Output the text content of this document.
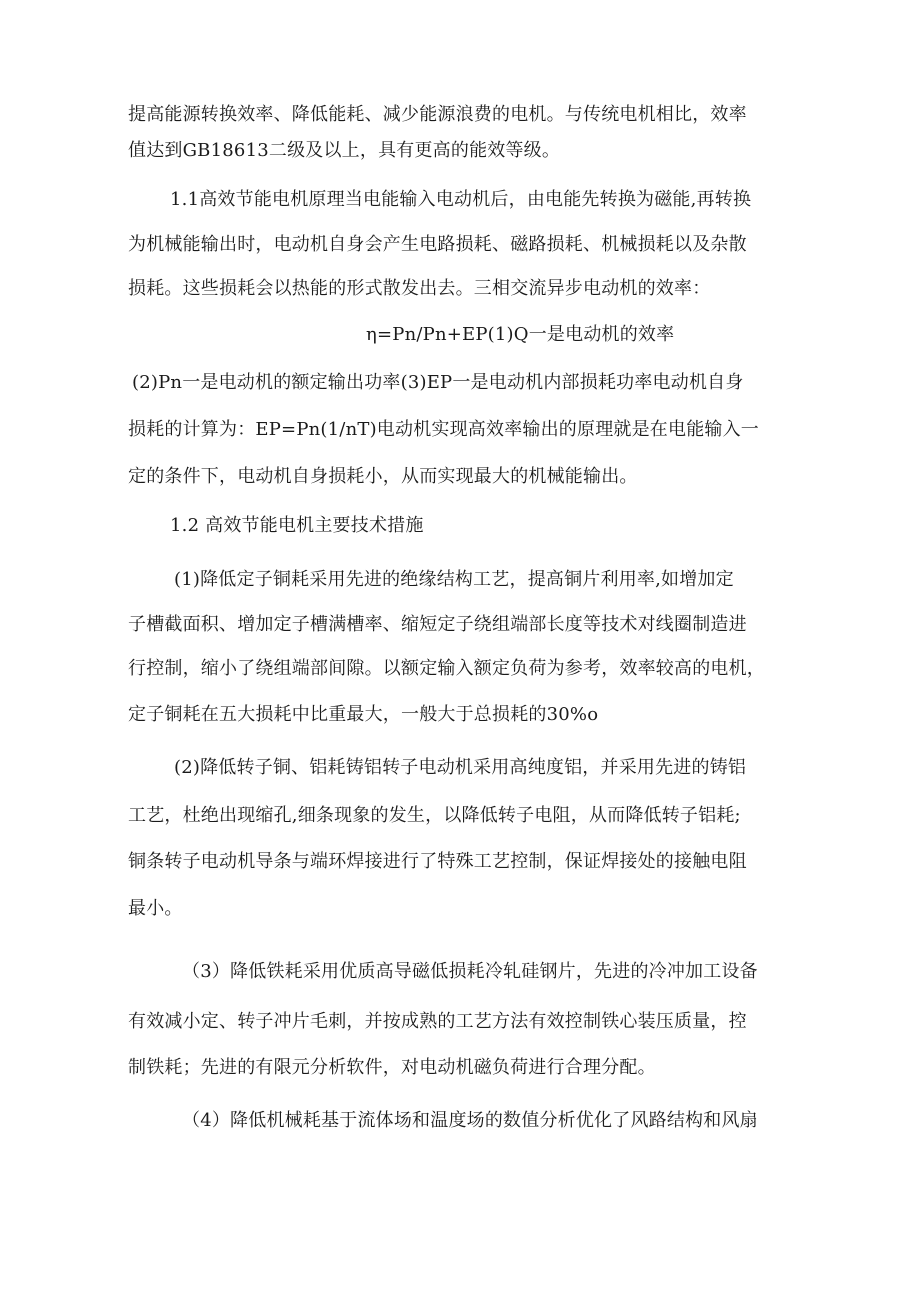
提高能源转换效率、降低能耗、减少能源浪费的电机。与传统电机相比，效率
值达到GB18613二级及以上，具有更高的能效等级。
1.1高效节能电机原理当电能输入电动机后，由电能先转换为磁能,再转换
为机械能输出时，电动机自身会产生电路损耗、磁路损耗、机械损耗以及杂散
损耗。这些损耗会以热能的形式散发出去。三相交流异步电动机的效率：
η=Pn/Pn+EP(1)Q一是电动机的效率
(2)Pn一是电动机的额定输出功率(3)EP一是电动机内部损耗功率电动机自身
损耗的计算为：EP=Pn(1/nT)电动机实现高效率输出的原理就是在电能输入一
定的条件下，电动机自身损耗小，从而实现最大的机械能输出。
1.2 高效节能电机主要技术措施
(1)降低定子铜耗采用先进的绝缘结构工艺，提高铜片利用率,如增加定
子槽截面积、增加定子槽满槽率、缩短定子绕组端部长度等技术对线圈制造进
行控制，缩小了绕组端部间隙。以额定输入额定负荷为参考，效率较高的电机，
定子铜耗在五大损耗中比重最大，一般大于总损耗的30%o
(2)降低转子铜、铝耗铸铝转子电动机采用高纯度铝，并采用先进的铸铝
工艺，杜绝出现缩孔,细条现象的发生，以降低转子电阻，从而降低转子铝耗;
铜条转子电动机导条与端环焊接进行了特殊工艺控制，保证焊接处的接触电阻
最小。
（3）降低铁耗采用优质高导磁低损耗冷轧硅钢片，先进的冷冲加工设备
有效减小定、转子冲片毛刺，并按成熟的工艺方法有效控制铁心装压质量，控
制铁耗；先进的有限元分析软件，对电动机磁负荷进行合理分配。
（4）降低机械耗基于流体场和温度场的数值分析优化了风路结构和风扇
